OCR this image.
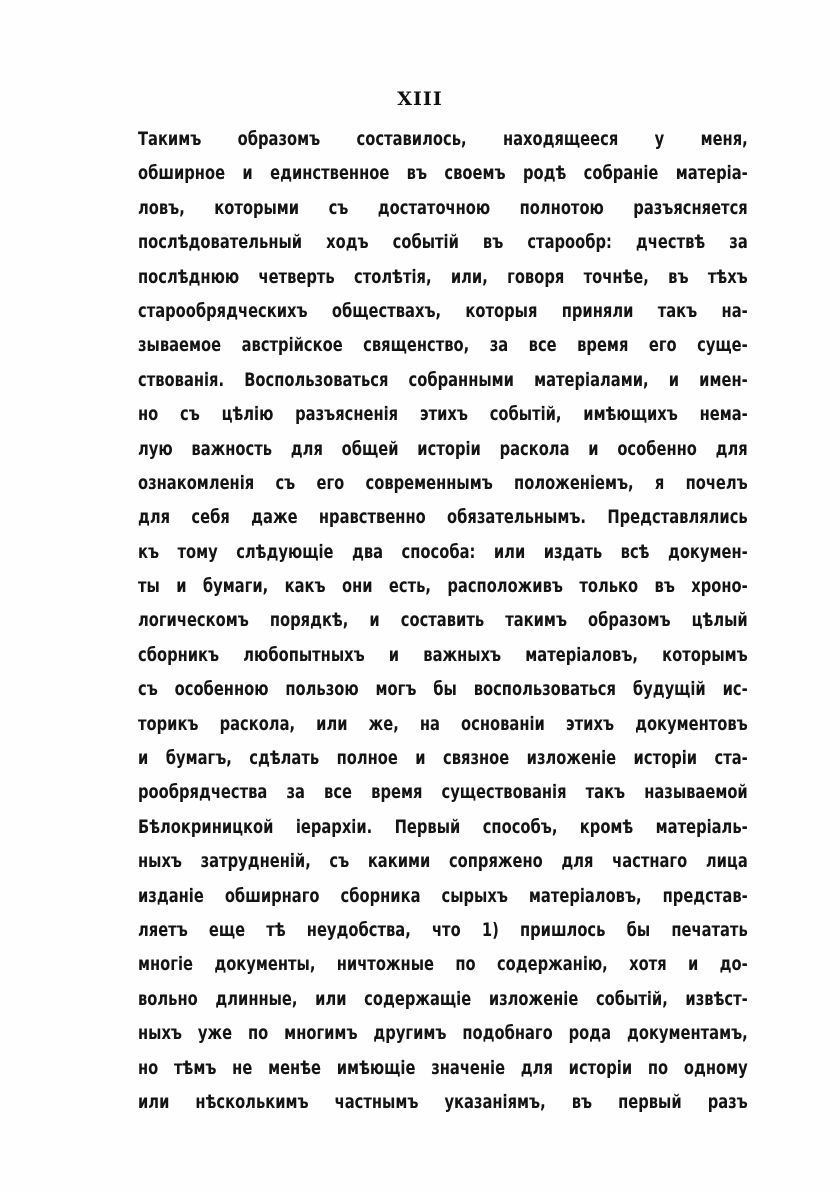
XIII
Такимъ образомъ составилось, находящееся у меня,
обширное и единственное въ своемъ родѣ собраніе матеріа-
ловъ, которыми съ достаточною полнотою разъясняется
послѣдовательный ходъ событій въ старообр: дчествѣ за
послѣднюю четверть столѣтія, или, говоря точнѣе, въ тѣхъ
старообрядческихъ обществахъ, которыя приняли такъ на-
зываемое австрійское священство, за все время его суще-
ствованія. Воспользоваться собранными матеріалами, и имен-
но съ цѣлію разъясненія этихъ событій, имѣющихъ нема-
лую важность для общей исторіи раскола и особенно для
ознакомленія съ его современнымъ положеніемъ, я почелъ
для себя даже нравственно обязательнымъ. Представлялись
къ тому слѣдующіе два способа: или издать всѣ докумен-
ты и бумаги, какъ они есть, расположивъ только въ хроно-
логическомъ порядкѣ, и составить такимъ образомъ цѣлый
сборникъ любопытныхъ и важныхъ матеріаловъ, которымъ
съ особенною пользою могъ бы воспользоваться будущій ис-
торикъ раскола, или же, на основаніи этихъ документовъ
и бумагъ, сдѣлать полное и связное изложеніе исторіи ста-
рообрядчества за все время существованія такъ называемой
Бѣлокриницкой іерархіи. Первый способъ, кромѣ матеріаль-
ныхъ затрудненій, съ какими сопряжено для частнаго лица
изданіе обширнаго сборника сырыхъ матеріаловъ, представ-
ляетъ еще тѣ неудобства, что 1) пришлось бы печатать
многіе документы, ничтожные по содержанію, хотя и до-
вольно длинные, или содержащіе изложеніе событій, извѣст-
ныхъ уже по многимъ другимъ подобнаго рода документамъ,
но тѣмъ не менѣе имѣющіе значеніе для исторіи по одному
или нѣсколькимъ частнымъ указаніямъ, въ первый разъ
